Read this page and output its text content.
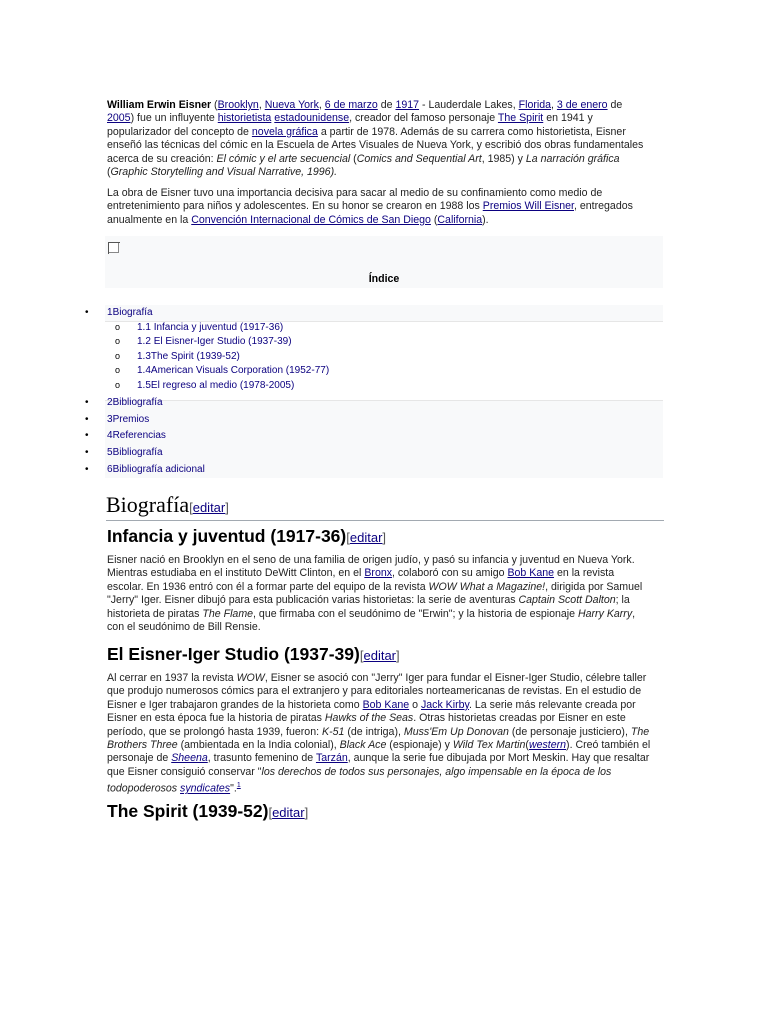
William Erwin Eisner (Brooklyn, Nueva York, 6 de marzo de 1917 - Lauderdale Lakes, Florida, 3 de enero de 2005) fue un influyente historietista estadounidense, creador del famoso personaje The Spirit en 1941 y popularizador del concepto de novela gráfica a partir de 1978. Además de su carrera como historietista, Eisner enseñó las técnicas del cómic en la Escuela de Artes Visuales de Nueva York, y escribió dos obras fundamentales acerca de su creación: El cómic y el arte secuencial (Comics and Sequential Art, 1985) y La narración gráfica (Graphic Storytelling and Visual Narrative, 1996).

La obra de Eisner tuvo una importancia decisiva para sacar al medio de su confinamiento como medio de entretenimiento para niños y adolescentes. En su honor se crearon en 1988 los Premios Will Eisner, entregados anualmente en la Convención Internacional de Cómics de San Diego (California).

Índice
• 1Biografía
o 1.1 Infancia y juventud (1917-36)
o 1.2 El Eisner-Iger Studio (1937-39)
o 1.3The Spirit (1939-52)
o 1.4American Visuals Corporation (1952-77)
o 1.5El regreso al medio (1978-2005)
• 2Bibliografía
• 3Premios
• 4Referencias
• 5Bibliografía
• 6Bibliografía adicional
Biografía[editar]
Infancia y juventud (1917-36)[editar]

Eisner nació en Brooklyn en el seno de una familia de origen judío, y pasó su infancia y juventud en Nueva York. Mientras estudiaba en el instituto DeWitt Clinton, en el Bronx, colaboró con su amigo Bob Kane en la revista escolar. En 1936 entró con él a formar parte del equipo de la revista WOW What a Magazine!, dirigida por Samuel "Jerry" Iger. Eisner dibujó para esta publicación varias historietas: la serie de aventuras Captain Scott Dalton; la historieta de piratas The Flame, que firmaba con el seudónimo de "Erwin"; y la historia de espionaje Harry Karry, con el seudónimo de Bill Rensie.

El Eisner-Iger Studio (1937-39)[editar]

Al cerrar en 1937 la revista WOW, Eisner se asoció con "Jerry" Iger para fundar el Eisner-Iger Studio, célebre taller que produjo numerosos cómics para el extranjero y para editoriales norteamericanas de revistas. En el estudio de Eisner e Iger trabajaron grandes de la historieta como Bob Kane o Jack Kirby. La serie más relevante creada por Eisner en esta época fue la historia de piratas Hawks of the Seas. Otras historietas creadas por Eisner en este período, que se prolongó hasta 1939, fueron: K-51 (de intriga), Muss'Em Up Donovan (de personaje justiciero), The Brothers Three (ambientada en la India colonial), Black Ace (espionaje) y Wild Tex Martin(western). Creó también el personaje de Sheena, trasunto femenino de Tarzán, aunque la serie fue dibujada por Mort Meskin. Hay que resaltar que Eisner consiguió conservar "los derechos de todos sus personajes, algo impensable en la época de los todopoderosos syndicates".$^1$

The Spirit (1939-52)[editar]
